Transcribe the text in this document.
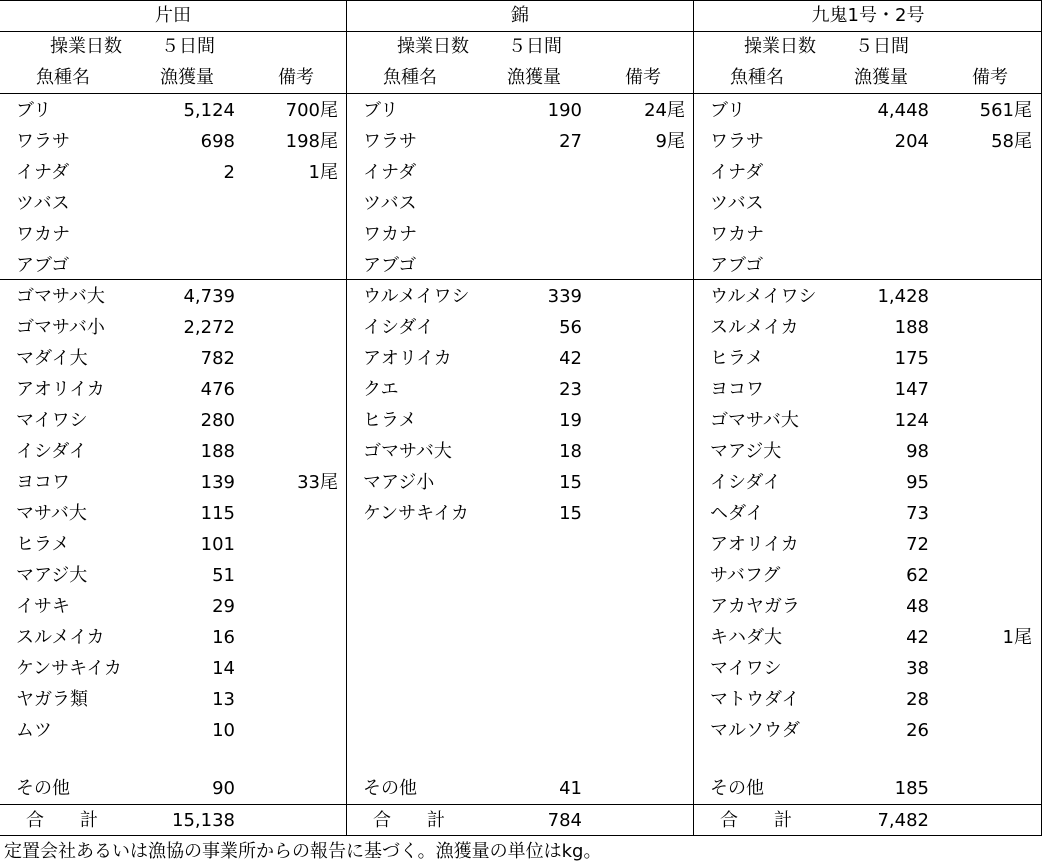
片田
操業日数 ５日間
魚種名	漁獲量	備考
ブリ	5,124	700尾
ワラサ	698	198尾
イナダ	2	1尾
ツバス
ワカナ
アブゴ
ゴマサバ大	4,739
ゴマサバ小	2,272
マダイ大	782
アオリイカ	476
マイワシ	280
イシダイ	188
ヨコワ	139	33尾
マサバ大	115
ヒラメ	101
マアジ大	51
イサキ	29
スルメイカ	16
ケンサキイカ	14
ヤガラ類	13
ムツ	10
その他	90
合　　計	15,138
錦
操業日数 ５日間
魚種名	漁獲量	備考
ブリ	190	24尾
ワラサ	27	9尾
イナダ
ツバス
ワカナ
アブゴ
ウルメイワシ	339
イシダイ	56
アオリイカ	42
クエ	23
ヒラメ	19
ゴマサバ大	18
マアジ小	15
ケンサキイカ	15
その他	41
合　　計	784
九鬼1号・2号
操業日数 ５日間
魚種名	漁獲量	備考
ブリ	4,448	561尾
ワラサ	204	58尾
イナダ
ツバス
ワカナ
アブゴ
ウルメイワシ	1,428
スルメイカ	188
ヒラメ	175
ヨコワ	147
ゴマサバ大	124
マアジ大	98
イシダイ	95
ヘダイ	73
アオリイカ	72
サバフグ	62
アカヤガラ	48
キハダ大	42	1尾
マイワシ	38
マトウダイ	28
マルソウダ	26
その他	185
合　　計	7,482
定置会社あるいは漁協の事業所からの報告に基づく。漁獲量の単位はkg。
